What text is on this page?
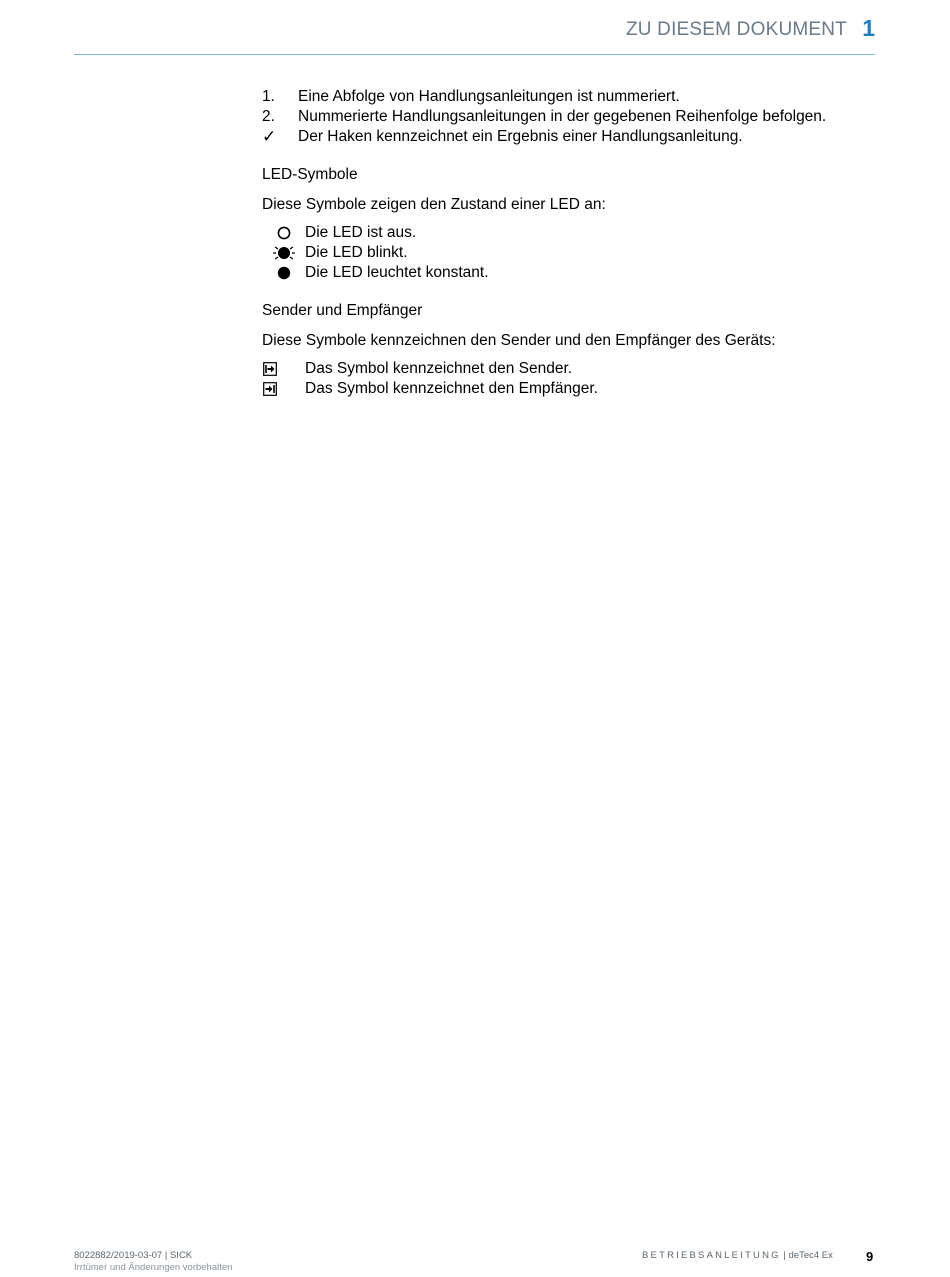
ZU DIESEM DOKUMENT 1
1. Eine Abfolge von Handlungsanleitungen ist nummeriert.
2. Nummerierte Handlungsanleitungen in der gegebenen Reihenfolge befolgen.
✓ Der Haken kennzeichnet ein Ergebnis einer Handlungsanleitung.
LED-Symbole
Diese Symbole zeigen den Zustand einer LED an:
Die LED ist aus.
Die LED blinkt.
Die LED leuchtet konstant.
Sender und Empfänger
Diese Symbole kennzeichnen den Sender und den Empfänger des Geräts:
Das Symbol kennzeichnet den Sender.
Das Symbol kennzeichnet den Empfänger.
8022882/2019-03-07 | SICK
Irrtümer und Änderungen vorbehalten
BETRIEBSANLEITUNG | deTec4 Ex	9
